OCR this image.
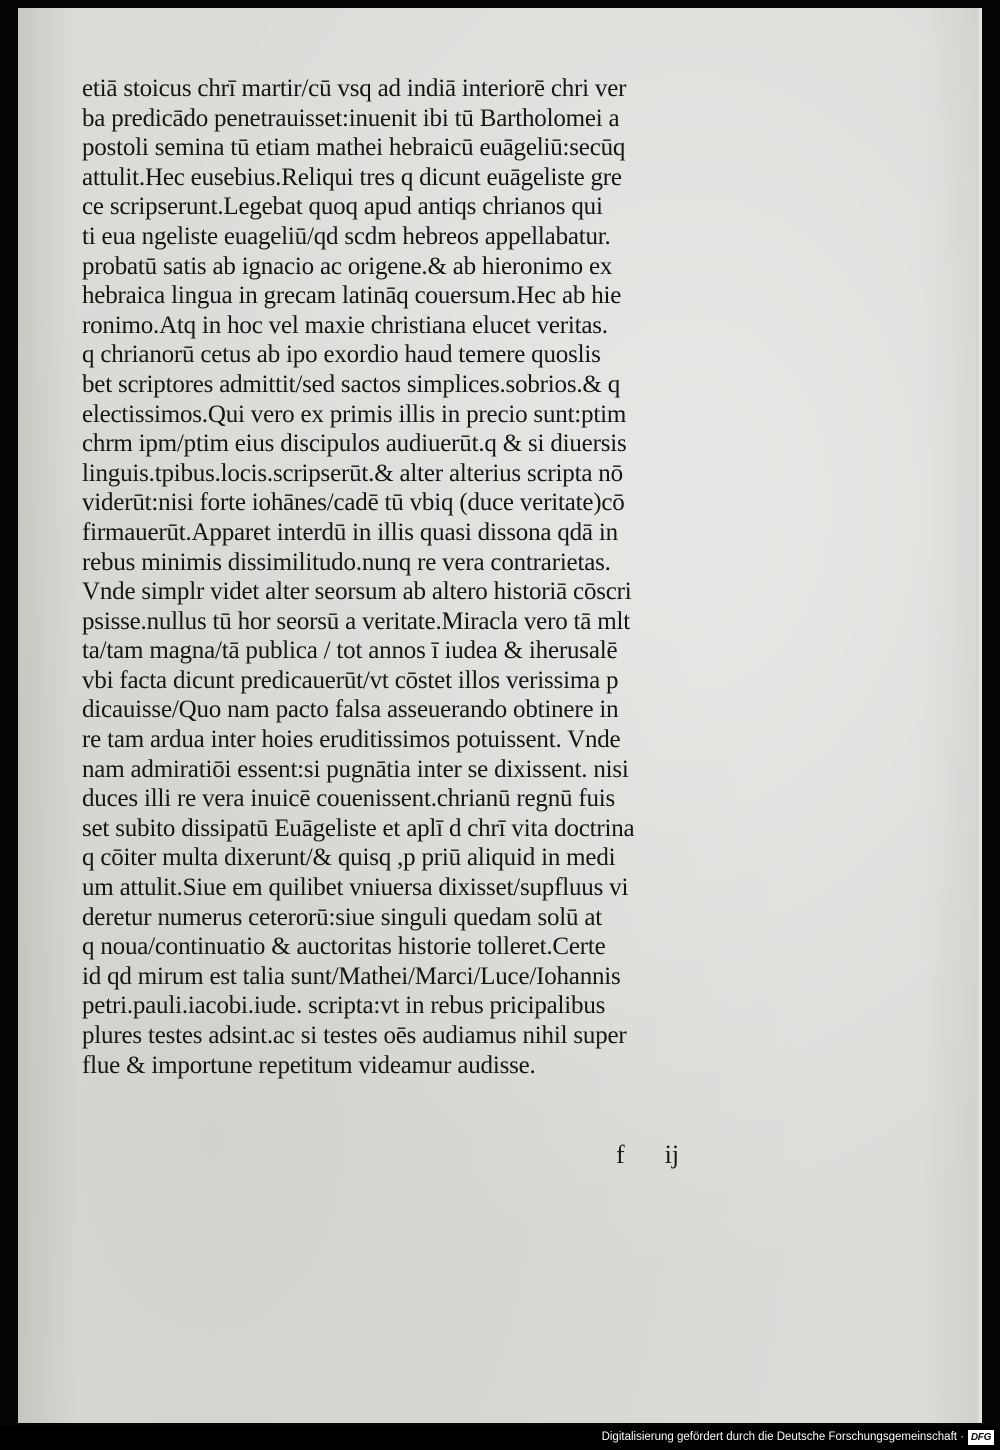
etiā stoicus chrī martir/cū vsq ad indiā interiorē chri ver
ba predicādo penetrauisset:inuenit ibi tū Bartholomei a
postoli semina tū etiam mathei hebraicū euāgeliū:secūq
attulit.Hec eusebius.Reliqui tres q dicunt euāgeliste gre
ce scripserunt.Legebat quoq apud antiqs chrianos qui
ti eua ngeliste euageliū/qd scdm hebreos appellabatur.
probatū satis ab ignacio ac origene.& ab hieronimo ex
hebraica lingua in grecam latināq couersum.Hec ab hie
ronimo.Atq in hoc vel maxie christiana elucet veritas.
q chrianorū cetus ab ipo exordio haud temere quoslis
bet scriptores admittit/sed sactos simplices.sobrios.& q
electissimos.Qui vero ex primis illis in precio sunt:ptim
chrm ipm/ptim eius discipulos audiuerūt.q & si diuersis
linguis.tpibus.locis.scripserūt.& alter alterius scripta nō
viderūt:nisi forte iohānes/cadē tū vbiq (duce veritate)cō
firmauerūt.Apparet interdū in illis quasi dissona qdā in
rebus minimis dissimilitudo.nunq re vera contrarietas.
Vnde simplr videt alter seorsum ab altero historiā cōscri
psisse.nullus tū hor seorsū a veritate.Miracla vero tā mlt
ta/tam magna/tā publica / tot annos ī iudea & iherusalē
vbi facta dicunt predicauerūt/vt cōstet illos verissima p
dicauisse/Quo nam pacto falsa asseuerando obtinere in
re tam ardua inter hoies eruditissimos potuissent. Vnde
nam admiratiōi essent:si pugnātia inter se dixissent. nisi
duces illi re vera inuicē couenissent.chrianū regnū fuis
set subito dissipatū Euāgeliste et aplī d chrī vita doctrina
q cōiter multa dixerunt/& quisq ,p priū aliquid in medi
um attulit.Siue em quilibet vniuersa dixisset/supfluus vi
deretur numerus ceterorū:siue singuli quedam solū at
q noua/continuatio & auctoritas historie tolleret.Certe
id qd mirum est talia sunt/Mathei/Marci/Luce/Iohannis
petri.pauli.iacobi.iude. scripta:vt in rebus pricipalibus
plures testes adsint.ac si testes oēs audiamus nihil super
flue & importune repetitum videamur audisse.
f ij
Digitalisierung gefördert durch die Deutsche Forschungsgemeinschaft · DFG
